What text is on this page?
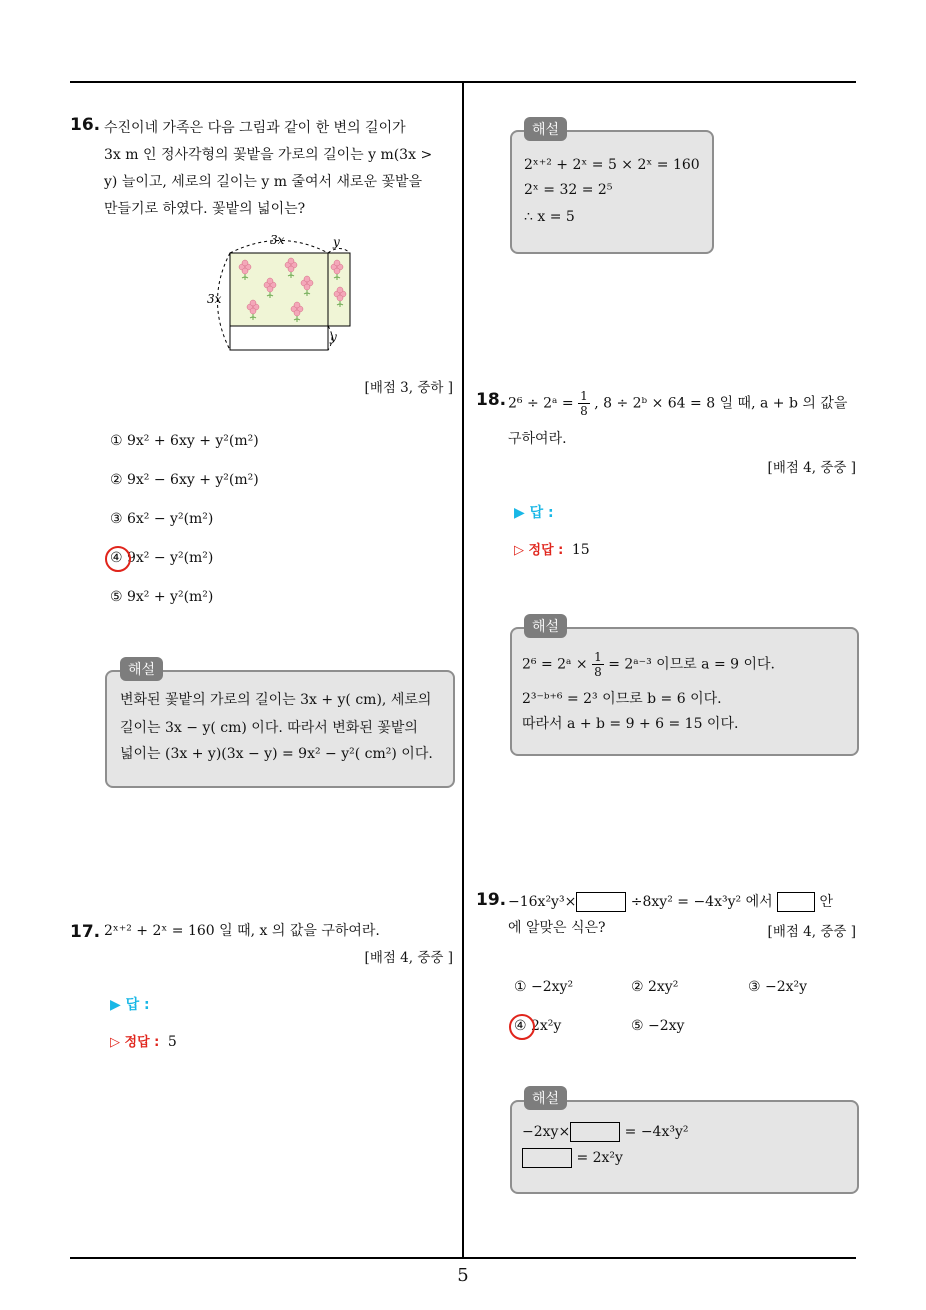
16. 수진이네 가족은 다음 그림과 같이 한 변의 길이가
3x m 인 정사각형의 꽃밭을 가로의 길이는 y m(3x >
y) 늘이고, 세로의 길이는 y m 줄여서 새로운 꽃밭을
만들기로 하였다. 꽃밭의 넓이는?
3x
3x
y
y
[배점 3, 중하 ]
① 9x² + 6xy + y²(m²)
② 9x² − 6xy + y²(m²)
③ 6x² − y²(m²)
④ 9x² − y²(m²)
⑤ 9x² + y²(m²)
해설
변화된 꽃밭의 가로의 길이는 3x + y( cm), 세로의
길이는 3x − y( cm) 이다. 따라서 변화된 꽃밭의
넓이는 (3x + y)(3x − y) = 9x² − y²( cm²) 이다.
17. 2ˣ⁺² + 2ˣ = 160 일 때, x 의 값을 구하여라.
[배점 4, 중중 ]
▶ 답 :
▷ 정답 : 5
해설
2ˣ⁺² + 2ˣ = 5 × 2ˣ = 160
2ˣ = 32 = 2⁵
∴ x = 5
18. 2⁶ ÷ 2ᵃ = $\frac{1}{8}$ , 8 ÷ 2ᵇ × 64 = 8 일 때, a + b 의 값을
구하여라.
[배점 4, 중중 ]
▶ 답 :
▷ 정답 : 15
해설
2⁶ = 2ᵃ × $\frac{1}{8}$ = 2ᵃ⁻³ 이므로 a = 9 이다.
2³⁻ᵇ⁺⁶ = 2³ 이므로 b = 6 이다.
따라서 a + b = 9 + 6 = 15 이다.
19. −16x²y³×	÷8xy² = −4x³y² 에서	안
에 알맞은 식은?	[배점 4, 중중 ]
① −2xy²	② 2xy²	③ −2x²y
④ 2x²y	⑤ −2xy
해설
−2xy×	= −4x³y²
= 2x²y
5
